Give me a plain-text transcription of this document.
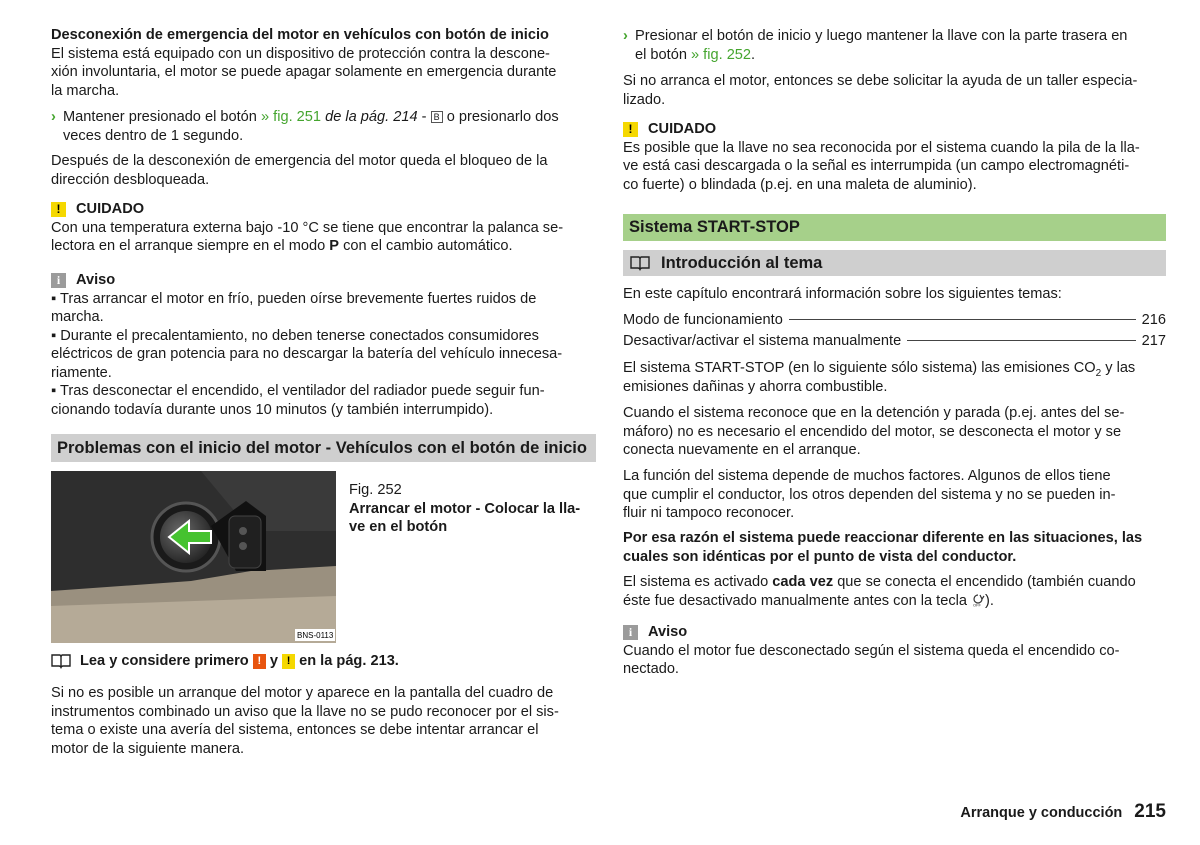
Desconexión de emergencia del motor en vehículos con botón de inicio

El sistema está equipado con un dispositivo de protección contra la descone-

xión involuntaria, el motor se puede apagar solamente en emergencia durante

la marcha.

› Mantener presionado el botón » fig. 251 de la pág. 214 - B o presionarlo dos

veces dentro de 1 segundo.

Después de la desconexión de emergencia del motor queda el bloqueo de la

dirección desbloqueada.

!	CUIDADO

Con una temperatura externa bajo -10 °C se tiene que encontrar la palanca se-

lectora en el arranque siempre en el modo P con el cambio automático.

i	Aviso

▪ Tras arrancar el motor en frío, pueden oírse brevemente fuertes ruidos de

marcha.

▪ Durante el precalentamiento, no deben tenerse conectados consumidores

eléctricos de gran potencia para no descargar la batería del vehículo innecesa-

riamente.

▪ Tras desconectar el encendido, el ventilador del radiador puede seguir fun-

cionando todavía durante unos 10 minutos (y también interrumpido).

Problemas con el inicio del motor - Vehículos con el botón de inicio
BNS-0113

Fig. 252

Arrancar el motor - Colocar la lla-

ve en el botón

Lea y considere primero
!
y
!
en la pág. 213.

Si no es posible un arranque del motor y aparece en la pantalla del cuadro de

instrumentos combinado un aviso que la llave no se pudo reconocer por el sis-

tema o existe una avería del sistema, entonces se debe intentar arrancar el

motor de la siguiente manera.

› Presionar el botón de inicio y luego mantener la llave con la parte trasera en

el botón » fig. 252.

Si no arranca el motor, entonces se debe solicitar la ayuda de un taller especia-

lizado.

!	CUIDADO

Es posible que la llave no sea reconocida por el sistema cuando la pila de la lla-

ve está casi descargada o la señal es interrumpida (un campo electromagnéti-

co fuerte) o blindada (p.ej. en una maleta de aluminio).

Sistema START-STOP
Introducción al tema

En este capítulo encontrará información sobre los siguientes temas:

Modo de funcionamiento	216
Desactivar/activar el sistema manualmente	217

El sistema START-STOP (en lo siguiente sólo sistema) las emisiones $CO_2$ y las

emisiones dañinas y ahorra combustible.

Cuando el sistema reconoce que en la detención y parada (p.ej. antes del se-

máforo) no es necesario el encendido del motor, se desconecta el motor y se

conecta nuevamente en el arranque.

La función del sistema depende de muchos factores. Algunos de ellos tiene

que cumplir el conductor, los otros dependen del sistema y no se pueden in-

fluir ni tampoco reconocer.

Por esa razón el sistema puede reaccionar diferente en las situaciones, las

cuales son idénticas por el punto de vista del conductor.

El sistema es activado cada vez que se conecta el encendido (también cuando

éste fue desactivado manualmente antes con la tecla OFF ).

i	Aviso

Cuando el motor fue desconectado según el sistema queda el encendido co-

nectado.

Arranque y conducción 215
